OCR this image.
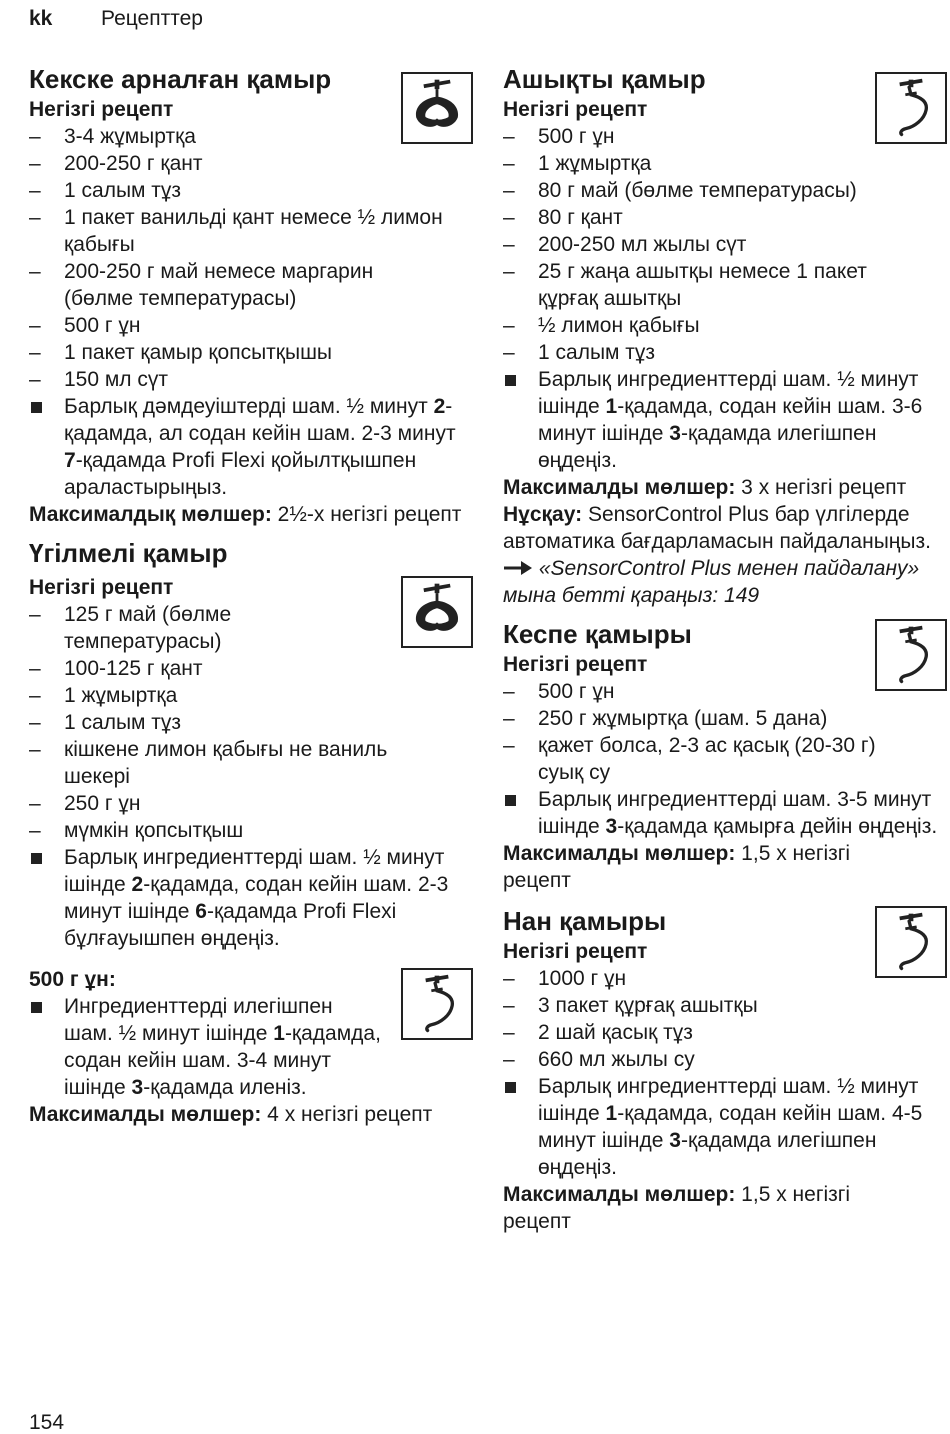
kk Рецепттер
Кекске арналған қамыр
Негізгі рецепт
– 3-4 жұмыртқа
– 200-250 г қант
– 1 салым тұз
– 1 пакет ванильді қант немесе ½ лимон қабығы
– 200-250 г май немесе маргарин (бөлме температурасы)
– 500 г ұн
– 1 пакет қамыр қопсытқышы
– 150 мл сүт
Барлық дәмдеуіштерді шам. ½ минут 2-қадамда, ал содан кейін шам. 2-3 минут 7-қадамда Profi Flexi қойылтқышпен араластырыңыз.
Максималдық мөлшер: 2½-х негізгі рецепт
Үгілмелі қамыр
Негізгі рецепт
– 125 г май (бөлме температурасы)
– 100-125 г қант
– 1 жұмыртқа
– 1 салым тұз
– кішкене лимон қабығы не ваниль шекері
– 250 г ұн
– мүмкін қопсытқыш
Барлық ингредиенттерді шам. ½ минут ішінде 2-қадамда, содан кейін шам. 2-3 минут ішінде 6-қадамда Profi Flexi бұлғауышпен өңдеңіз.
500 г ұн:
Ингредиенттерді илегішпен шам. ½ минут ішінде 1-қадамда, содан кейін шам. 3-4 минут ішінде 3-қадамда иленіз.
Максималды мөлшер: 4 х негізгі рецепт
Ашықты қамыр
Негізгі рецепт
– 500 г ұн
– 1 жұмыртқа
– 80 г май (бөлме температурасы)
– 80 г қант
– 200-250 мл жылы сүт
– 25 г жаңа ашытқы немесе 1 пакет құрғақ ашытқы
– ½ лимон қабығы
– 1 салым тұз
Барлық ингредиенттерді шам. ½ минут ішінде 1-қадамда, содан кейін шам. 3-6 минут ішінде 3-қадамда илегішпен өңдеңіз.
Максималды мөлшер: 3 х негізгі рецепт
Нұсқау: SensorControl Plus бар үлгілерде автоматика бағдарламасын пайдаланыңыз.  «SensorControl Plus менен пайдалану» мына бетті қараңыз: 149
Кеспе қамыры
Негізгі рецепт
– 500 г ұн
– 250 г жұмыртқа (шам. 5 дана)
– қажет болса, 2-3 ас қасық (20-30 г) суық су
Барлық ингредиенттерді шам. 3-5 минут ішінде 3-қадамда қамырға дейін өңдеңіз.
Максималды мөлшер: 1,5 х негізгі рецепт
Нан қамыры
Негізгі рецепт
– 1000 г ұн
– 3 пакет құрғақ ашытқы
– 2 шай қасық тұз
– 660 мл жылы су
Барлық ингредиенттерді шам. ½ минут ішінде 1-қадамда, содан кейін шам. 4-5 минут ішінде 3-қадамда илегішпен өңдеңіз.
Максималды мөлшер: 1,5 х негізгі рецепт
154
